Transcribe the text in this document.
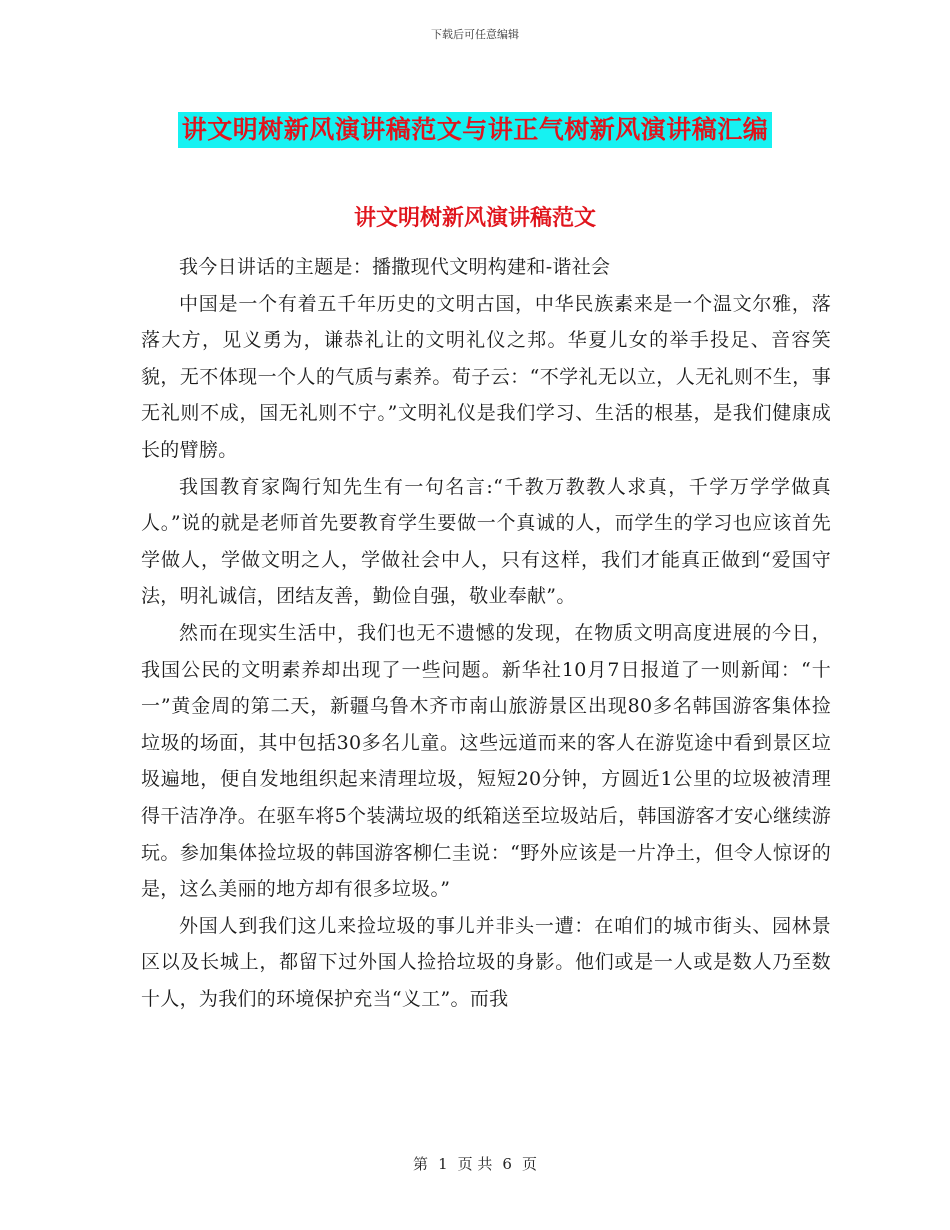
下载后可任意编辑
讲文明树新风演讲稿范文与讲正气树新风演讲稿汇编
讲文明树新风演讲稿范文

我今日讲话的主题是：播撒现代文明构建和-谐社会

中国是一个有着五千年历史的文明古国，中华民族素来是一个温文尔雅，落落大方，见义勇为，谦恭礼让的文明礼仪之邦。华夏儿女的举手投足、音容笑貌，无不体现一个人的气质与素养。荀子云：“不学礼无以立，人无礼则不生，事无礼则不成，国无礼则不宁。”文明礼仪是我们学习、生活的根基，是我们健康成长的臂膀。

我国教育家陶行知先生有一句名言:“千教万教教人求真，千学万学学做真人。”说的就是老师首先要教育学生要做一个真诚的人，而学生的学习也应该首先学做人，学做文明之人，学做社会中人，只有这样，我们才能真正做到“爱国守法，明礼诚信，团结友善，勤俭自强，敬业奉献”。

然而在现实生活中，我们也无不遗憾的发现，在物质文明高度进展的今日，我国公民的文明素养却出现了一些问题。新华社10月7日报道了一则新闻：“十一”黄金周的第二天，新疆乌鲁木齐市南山旅游景区出现80多名韩国游客集体捡垃圾的场面，其中包括30多名儿童。这些远道而来的客人在游览途中看到景区垃圾遍地，便自发地组织起来清理垃圾，短短20分钟，方圆近1公里的垃圾被清理得干洁净净。在驱车将5个装满垃圾的纸箱送至垃圾站后，韩国游客才安心继续游玩。参加集体捡垃圾的韩国游客柳仁圭说：“野外应该是一片净土，但令人惊讶的是，这么美丽的地方却有很多垃圾。”

外国人到我们这儿来捡垃圾的事儿并非头一遭：在咱们的城市街头、园林景区以及长城上，都留下过外国人捡拾垃圾的身影。他们或是一人或是数人乃至数十人，为我们的环境保护充当“义工”。而我

第 1 页 共 6 页
